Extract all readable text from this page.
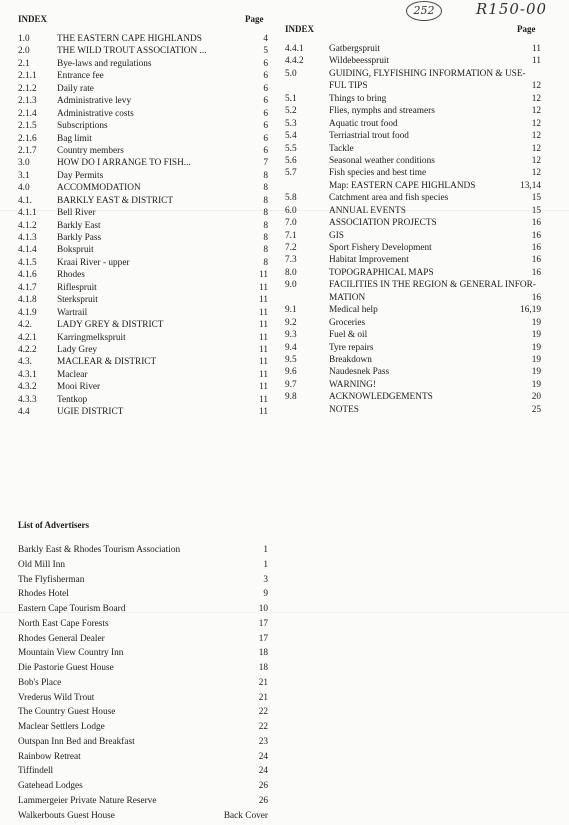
252	R150-00
INDEX	Page
INDEX	Page
1.0	THE EASTERN CAPE HIGHLANDS	4
2.0	THE WILD TROUT ASSOCIATION ...	5
2.1	Bye-laws and regulations	6
2.1.1 Entrance fee	6
2.1.2 Daily rate	6
2.1.3 Administrative levy	6
2.1.4 Administrative costs	6
2.1.5 Subscriptions	6
2.1.6 Bag limit	6
2.1.7 Country members	6
3.0	HOW DO I ARRANGE TO FISH...	7
3.1	Day Permits	8
4.0	ACCOMMODATION	8
4.1.	BARKLY EAST & DISTRICT	8
4.1.1 Bell River	8
4.1.2 Barkly East	8
4.1.3 Barkly Pass	8
4.1.4 Bokspruit	8
4.1.5 Kraai River - upper	8
4.1.6 Rhodes	11
4.1.7 Riflespruit	11
4.1.8 Sterkspruit	11
4.1.9 Wartrail	11
4.2.	LADY GREY & DISTRICT	11
4.2.1 Karringmelkspruit	11
4.2.2 Lady Grey	11
4.3.	MACLEAR & DISTRICT	11
4.3.1 Maclear	11
4.3.2 Mooi River	11
4.3.3 Tentkop	11
4.4	UGIE DISTRICT	11
4.4.1	Gatbergspruit	11
4.4.2	Wildebeesspruit	11
5.0	GUIDING, FLYFISHING INFORMATION & USE-
FUL TIPS	12
5.1	Things to bring	12
5.2	Flies, nymphs and streamers	12
5.3	Aquatic trout food	12
5.4	Terriastrial trout food	12
5.5	Tackle	12
5.6	Seasonal weather conditions	12
5.7	Fish species and best time	12
Map: EASTERN CAPE HIGHLANDS	13,14
5.8	Catchment area and fish species	15
6.0	ANNUAL EVENTS	15
7.0	ASSOCIATION PROJECTS	16
7.1	GIS	16
7.2	Sport Fishery Development	16
7.3	Habitat Improvement	16
8.0	TOPOGRAPHICAL MAPS	16
9.0	FACILITIES IN THE REGION & GENERAL INFOR-
MATION	16
9.1	Medical help	16,19
9.2	Groceries	19
9.3	Fuel & oil	19
9.4	Tyre repairs	19
9.5	Breakdown	19
9.6	Naudesnek Pass	19
9.7	WARNING!	19
9.8	ACKNOWLEDGEMENTS	20
NOTES	25
List of Advertisers
Barkly East & Rhodes Tourism Association	1
Old Mill Inn	1
The Flyfisherman	3
Rhodes Hotel	9
Eastern Cape Tourism Board	10
North East Cape Forests	17
Rhodes General Dealer	17
Mountain View Country Inn	18
Die Pastorie Guest House	18
Bob's Place	21
Vrederus Wild Trout	21
The Country Guest House	22
Maclear Settlers Lodge	22
Outspan Inn Bed and Breakfast	23
Rainbow Retreat	24
Tiffindell	24
Gatehead Lodges	26
Lammergeier Private Nature Reserve	26
Walkerbouts Guest House	Back Cover
